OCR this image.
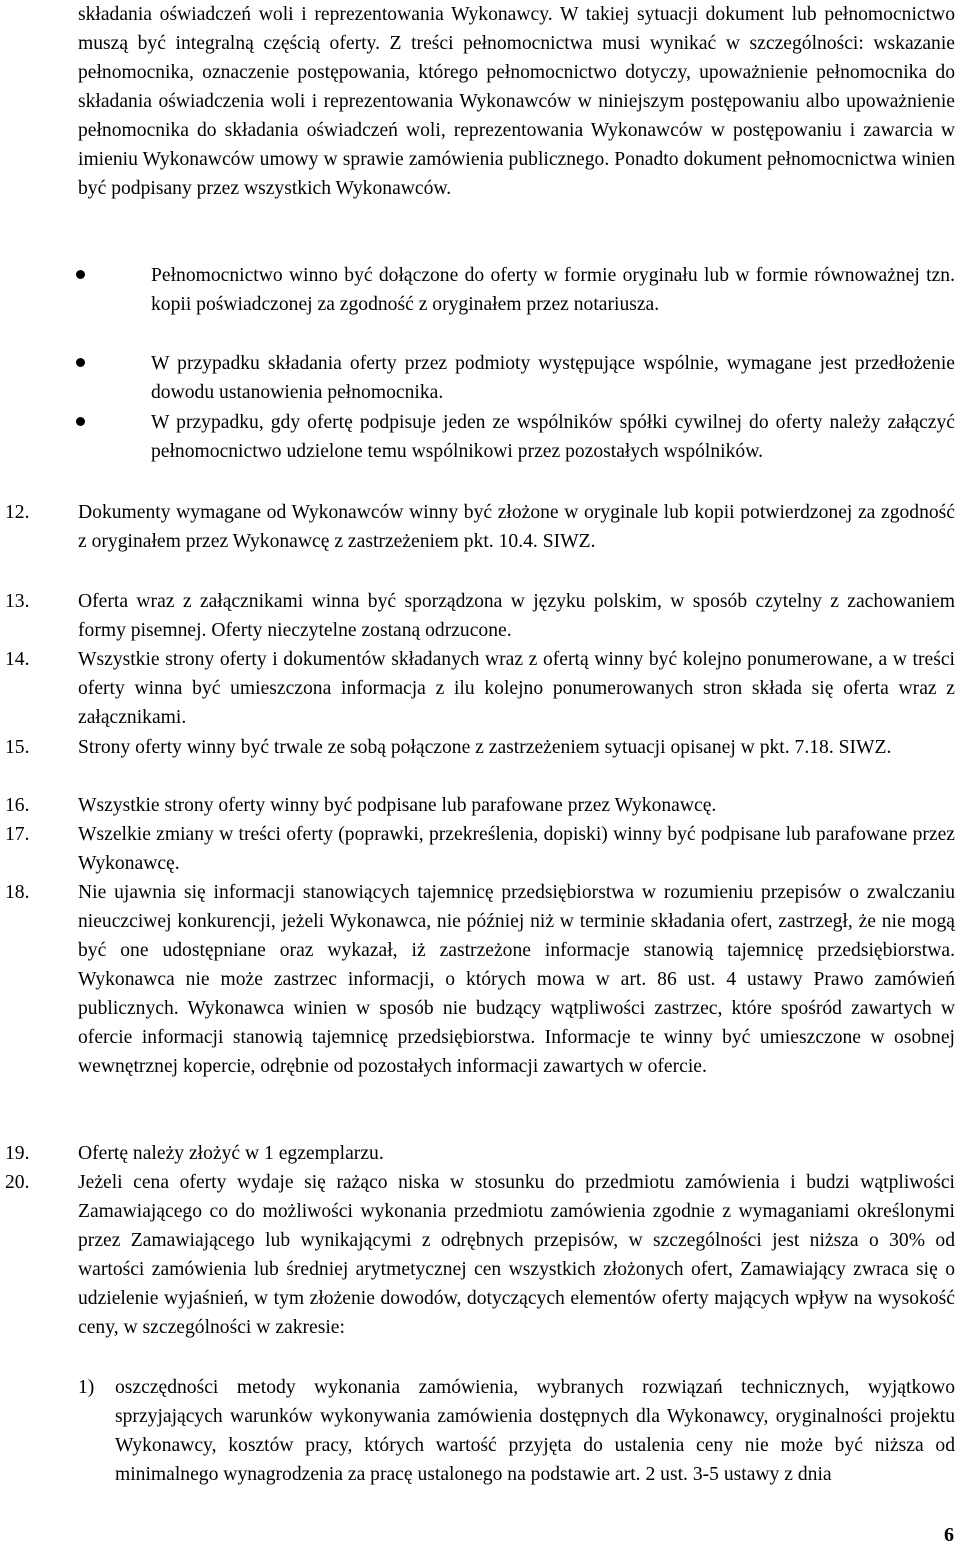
składania oświadczeń woli i reprezentowania Wykonawcy. W takiej sytuacji dokument lub pełnomocnictwo muszą być integralną częścią oferty. Z treści pełnomocnictwa musi wynikać w szczególności: wskazanie pełnomocnika, oznaczenie postępowania, którego pełnomocnictwo dotyczy, upoważnienie pełnomocnika do składania oświadczenia woli i reprezentowania Wykonawców w niniejszym postępowaniu albo upoważnienie pełnomocnika do składania oświadczeń woli, reprezentowania Wykonawców w postępowaniu i zawarcia w imieniu Wykonawców umowy w sprawie zamówienia publicznego. Ponadto dokument pełnomocnictwa winien być podpisany przez wszystkich Wykonawców.

Pełnomocnictwo winno być dołączone do oferty w formie oryginału lub w formie równoważnej tzn. kopii poświadczonej za zgodność z oryginałem przez notariusza.

W przypadku składania oferty przez podmioty występujące wspólnie, wymagane jest przedłożenie dowodu ustanowienia pełnomocnika.

W przypadku, gdy ofertę podpisuje jeden ze wspólników spółki cywilnej do oferty należy załączyć pełnomocnictwo udzielone temu wspólnikowi przez pozostałych wspólników.

12. Dokumenty wymagane od Wykonawców winny być złożone w oryginale lub kopii potwierdzonej za zgodność z oryginałem przez Wykonawcę z zastrzeżeniem pkt. 10.4. SIWZ.

13. Oferta wraz z załącznikami winna być sporządzona w języku polskim, w sposób czytelny z zachowaniem formy pisemnej. Oferty nieczytelne zostaną odrzucone.

14. Wszystkie strony oferty i dokumentów składanych wraz z ofertą winny być kolejno ponumerowane, a w treści oferty winna być umieszczona informacja z ilu kolejno ponumerowanych stron składa się oferta wraz z załącznikami.

15. Strony oferty winny być trwale ze sobą połączone z zastrzeżeniem sytuacji opisanej w pkt. 7.18. SIWZ.

16. Wszystkie strony oferty winny być podpisane lub parafowane przez Wykonawcę.

17. Wszelkie zmiany w treści oferty (poprawki, przekreślenia, dopiski) winny być podpisane lub parafowane przez Wykonawcę.

18. Nie ujawnia się informacji stanowiących tajemnicę przedsiębiorstwa w rozumieniu przepisów o zwalczaniu nieuczciwej konkurencji, jeżeli Wykonawca, nie później niż w terminie składania ofert, zastrzegł, że nie mogą być one udostępniane oraz wykazał, iż zastrzeżone informacje stanowią tajemnicę przedsiębiorstwa. Wykonawca nie może zastrzec informacji, o których mowa w art. 86 ust. 4 ustawy Prawo zamówień publicznych. Wykonawca winien w sposób nie budzący wątpliwości zastrzec, które spośród zawartych w ofercie informacji stanowią tajemnicę przedsiębiorstwa. Informacje te winny być umieszczone w osobnej wewnętrznej kopercie, odrębnie od pozostałych informacji zawartych w ofercie.

19. Ofertę należy złożyć w 1 egzemplarzu.

20. Jeżeli cena oferty wydaje się rażąco niska w stosunku do przedmiotu zamówienia i budzi wątpliwości Zamawiającego co do możliwości wykonania przedmiotu zamówienia zgodnie z wymaganiami określonymi przez Zamawiającego lub wynikającymi z odrębnych przepisów, w szczególności jest niższa o 30% od wartości zamówienia lub średniej arytmetycznej cen wszystkich złożonych ofert, Zamawiający zwraca się o udzielenie wyjaśnień, w tym złożenie dowodów, dotyczących elementów oferty mających wpływ na wysokość ceny, w szczególności w zakresie:

1) oszczędności metody wykonania zamówienia, wybranych rozwiązań technicznych, wyjątkowo sprzyjających warunków wykonywania zamówienia dostępnych dla Wykonawcy, oryginalności projektu Wykonawcy, kosztów pracy, których wartość przyjęta do ustalenia ceny nie może być niższa od minimalnego wynagrodzenia za pracę ustalonego na podstawie art. 2 ust. 3-5 ustawy z dnia

6
